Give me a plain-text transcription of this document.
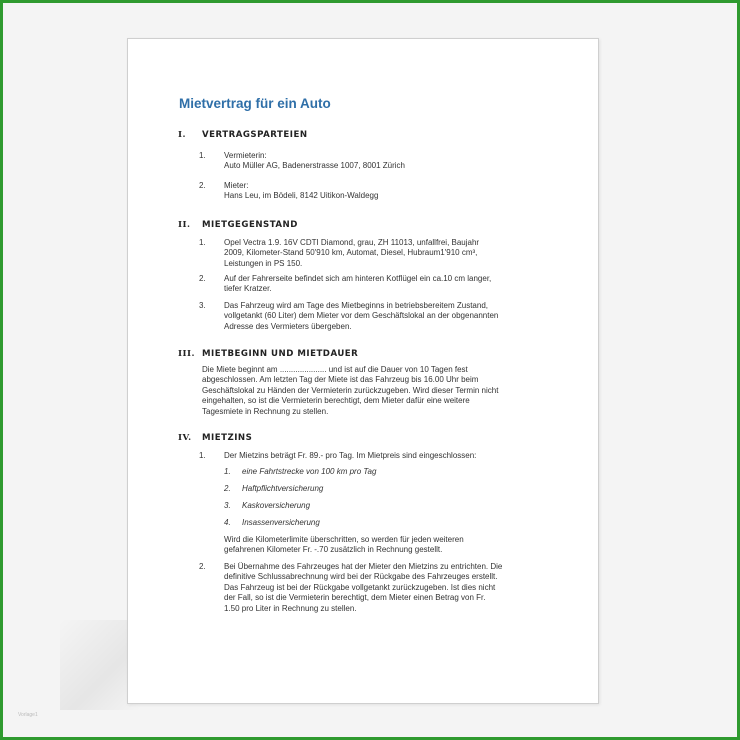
Mietvertrag für ein Auto
I. VERTRAGSPARTEIEN
1. Vermieterin:
Auto Müller AG, Badenerstrasse 1007, 8001 Zürich
2. Mieter:
Hans Leu, im Bödeli, 8142 Uitikon-Waldegg
II. MIETGEGENSTAND
1. Opel Vectra 1.9. 16V CDTI Diamond, grau, ZH 11013, unfallfrei, Baujahr
2009, Kilometer-Stand 50'910 km, Automat, Diesel, Hubraum1'910 cm³,
Leistungen in PS 150.
2. Auf der Fahrerseite befindet sich am hinteren Kotflügel ein ca.10 cm langer,
tiefer Kratzer.
3. Das Fahrzeug wird am Tage des Mietbeginns in betriebsbereitem Zustand,
vollgetankt (60 Liter) dem Mieter vor dem Geschäftslokal an der obgenannten
Adresse des Vermieters übergeben.
III. MIETBEGINN UND MIETDAUER
Die Miete beginnt am ..................... und ist auf die Dauer von 10 Tagen fest
abgeschlossen. Am letzten Tag der Miete ist das Fahrzeug bis 16.00 Uhr beim
Geschäftslokal zu Händen der Vermieterin zurückzugeben. Wird dieser Termin nicht
eingehalten, so ist die Vermieterin berechtigt, dem Mieter dafür eine weitere
Tagesmiete in Rechnung zu stellen.
IV. MIETZINS
1. Der Mietzins beträgt Fr. 89.- pro Tag. Im Mietpreis sind eingeschlossen:
1. eine Fahrtstrecke von 100 km pro Tag
2. Haftpflichtversicherung
3. Kaskoversicherung
4. Insassenversicherung
Wird die Kilometerlimite überschritten, so werden für jeden weiteren
gefahrenen Kilometer Fr. -.70 zusätzlich in Rechnung gestellt.
2. Bei Übernahme des Fahrzeuges hat der Mieter den Mietzins zu entrichten. Die
definitive Schlussabrechnung wird bei der Rückgabe des Fahrzeuges erstellt.
Das Fahrzeug ist bei der Rückgabe vollgetankt zurückzugeben. Ist dies nicht
der Fall, so ist die Vermieterin berechtigt, dem Mieter einen Betrag von Fr.
1.50 pro Liter in Rechnung zu stellen.
Vorlage1
